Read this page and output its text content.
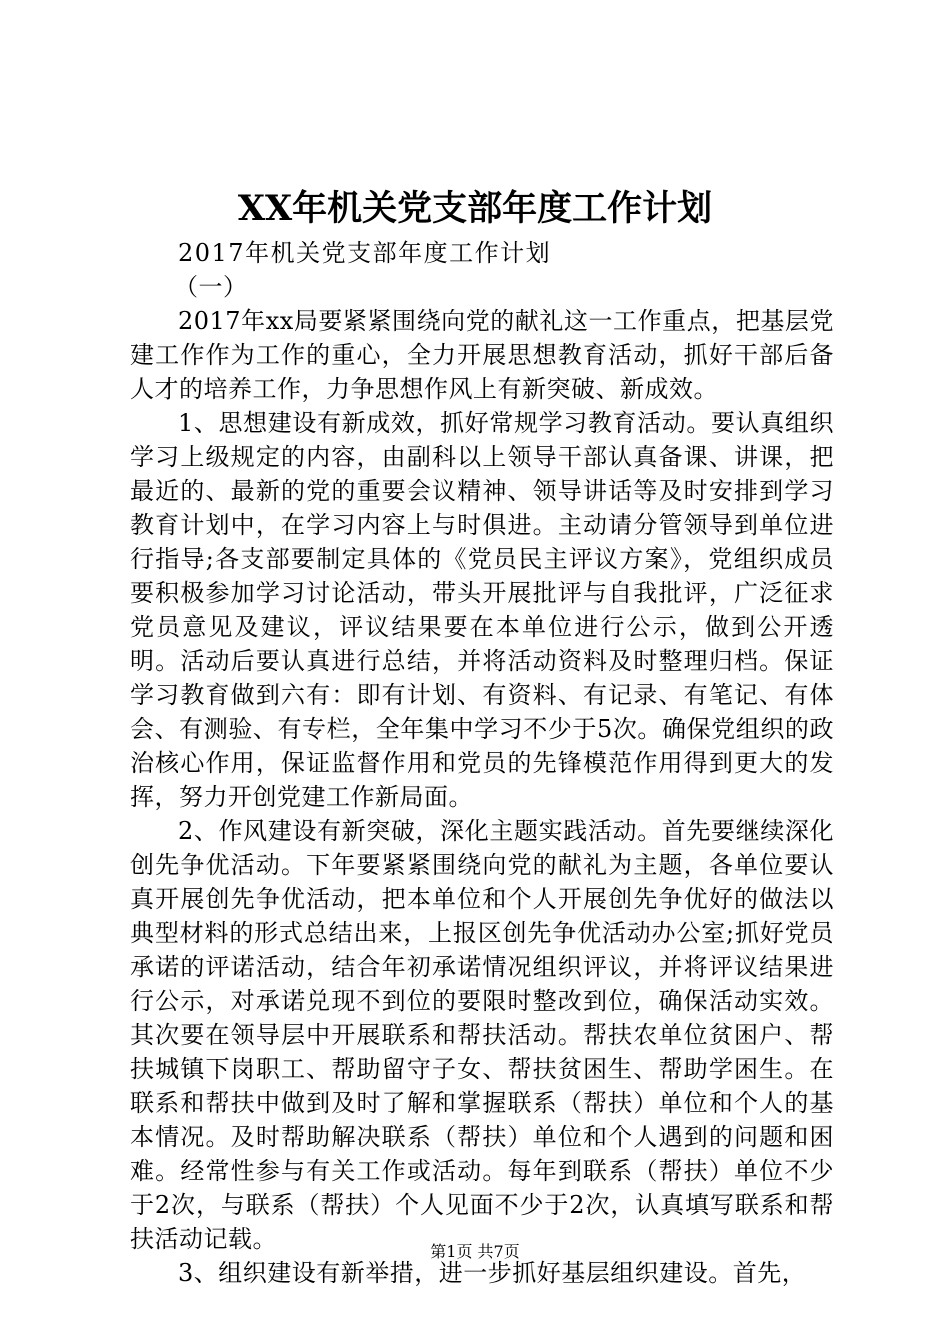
XX年机关党支部年度工作计划

2017年机关党支部年度工作计划

（一）

2017年xx局要紧紧围绕向党的献礼这一工作重点，把基层党建工作作为工作的重心，全力开展思想教育活动，抓好干部后备人才的培养工作，力争思想作风上有新突破、新成效。

1、思想建设有新成效，抓好常规学习教育活动。要认真组织学习上级规定的内容，由副科以上领导干部认真备课、讲课，把最近的、最新的党的重要会议精神、领导讲话等及时安排到学习教育计划中，在学习内容上与时俱进。主动请分管领导到单位进行指导;各支部要制定具体的《党员民主评议方案》，党组织成员要积极参加学习讨论活动，带头开展批评与自我批评，广泛征求党员意见及建议，评议结果要在本单位进行公示，做到公开透明。活动后要认真进行总结，并将活动资料及时整理归档。保证学习教育做到六有：即有计划、有资料、有记录、有笔记、有体会、有测验、有专栏，全年集中学习不少于5次。确保党组织的政治核心作用，保证监督作用和党员的先锋模范作用得到更大的发挥，努力开创党建工作新局面。

2、作风建设有新突破，深化主题实践活动。首先要继续深化创先争优活动。下年要紧紧围绕向党的献礼为主题，各单位要认真开展创先争优活动，把本单位和个人开展创先争优好的做法以典型材料的形式总结出来，上报区创先争优活动办公室;抓好党员承诺的评诺活动，结合年初承诺情况组织评议，并将评议结果进行公示，对承诺兑现不到位的要限时整改到位，确保活动实效。其次要在领导层中开展联系和帮扶活动。帮扶农单位贫困户、帮扶城镇下岗职工、帮助留守子女、帮扶贫困生、帮助学困生。在联系和帮扶中做到及时了解和掌握联系（帮扶）单位和个人的基本情况。及时帮助解决联系（帮扶）单位和个人遇到的问题和困难。经常性参与有关工作或活动。每年到联系（帮扶）单位不少于2次，与联系（帮扶）个人见面不少于2次，认真填写联系和帮扶活动记载。

3、组织建设有新举措，进一步抓好基层组织建设。首先，

第1页 共7页
